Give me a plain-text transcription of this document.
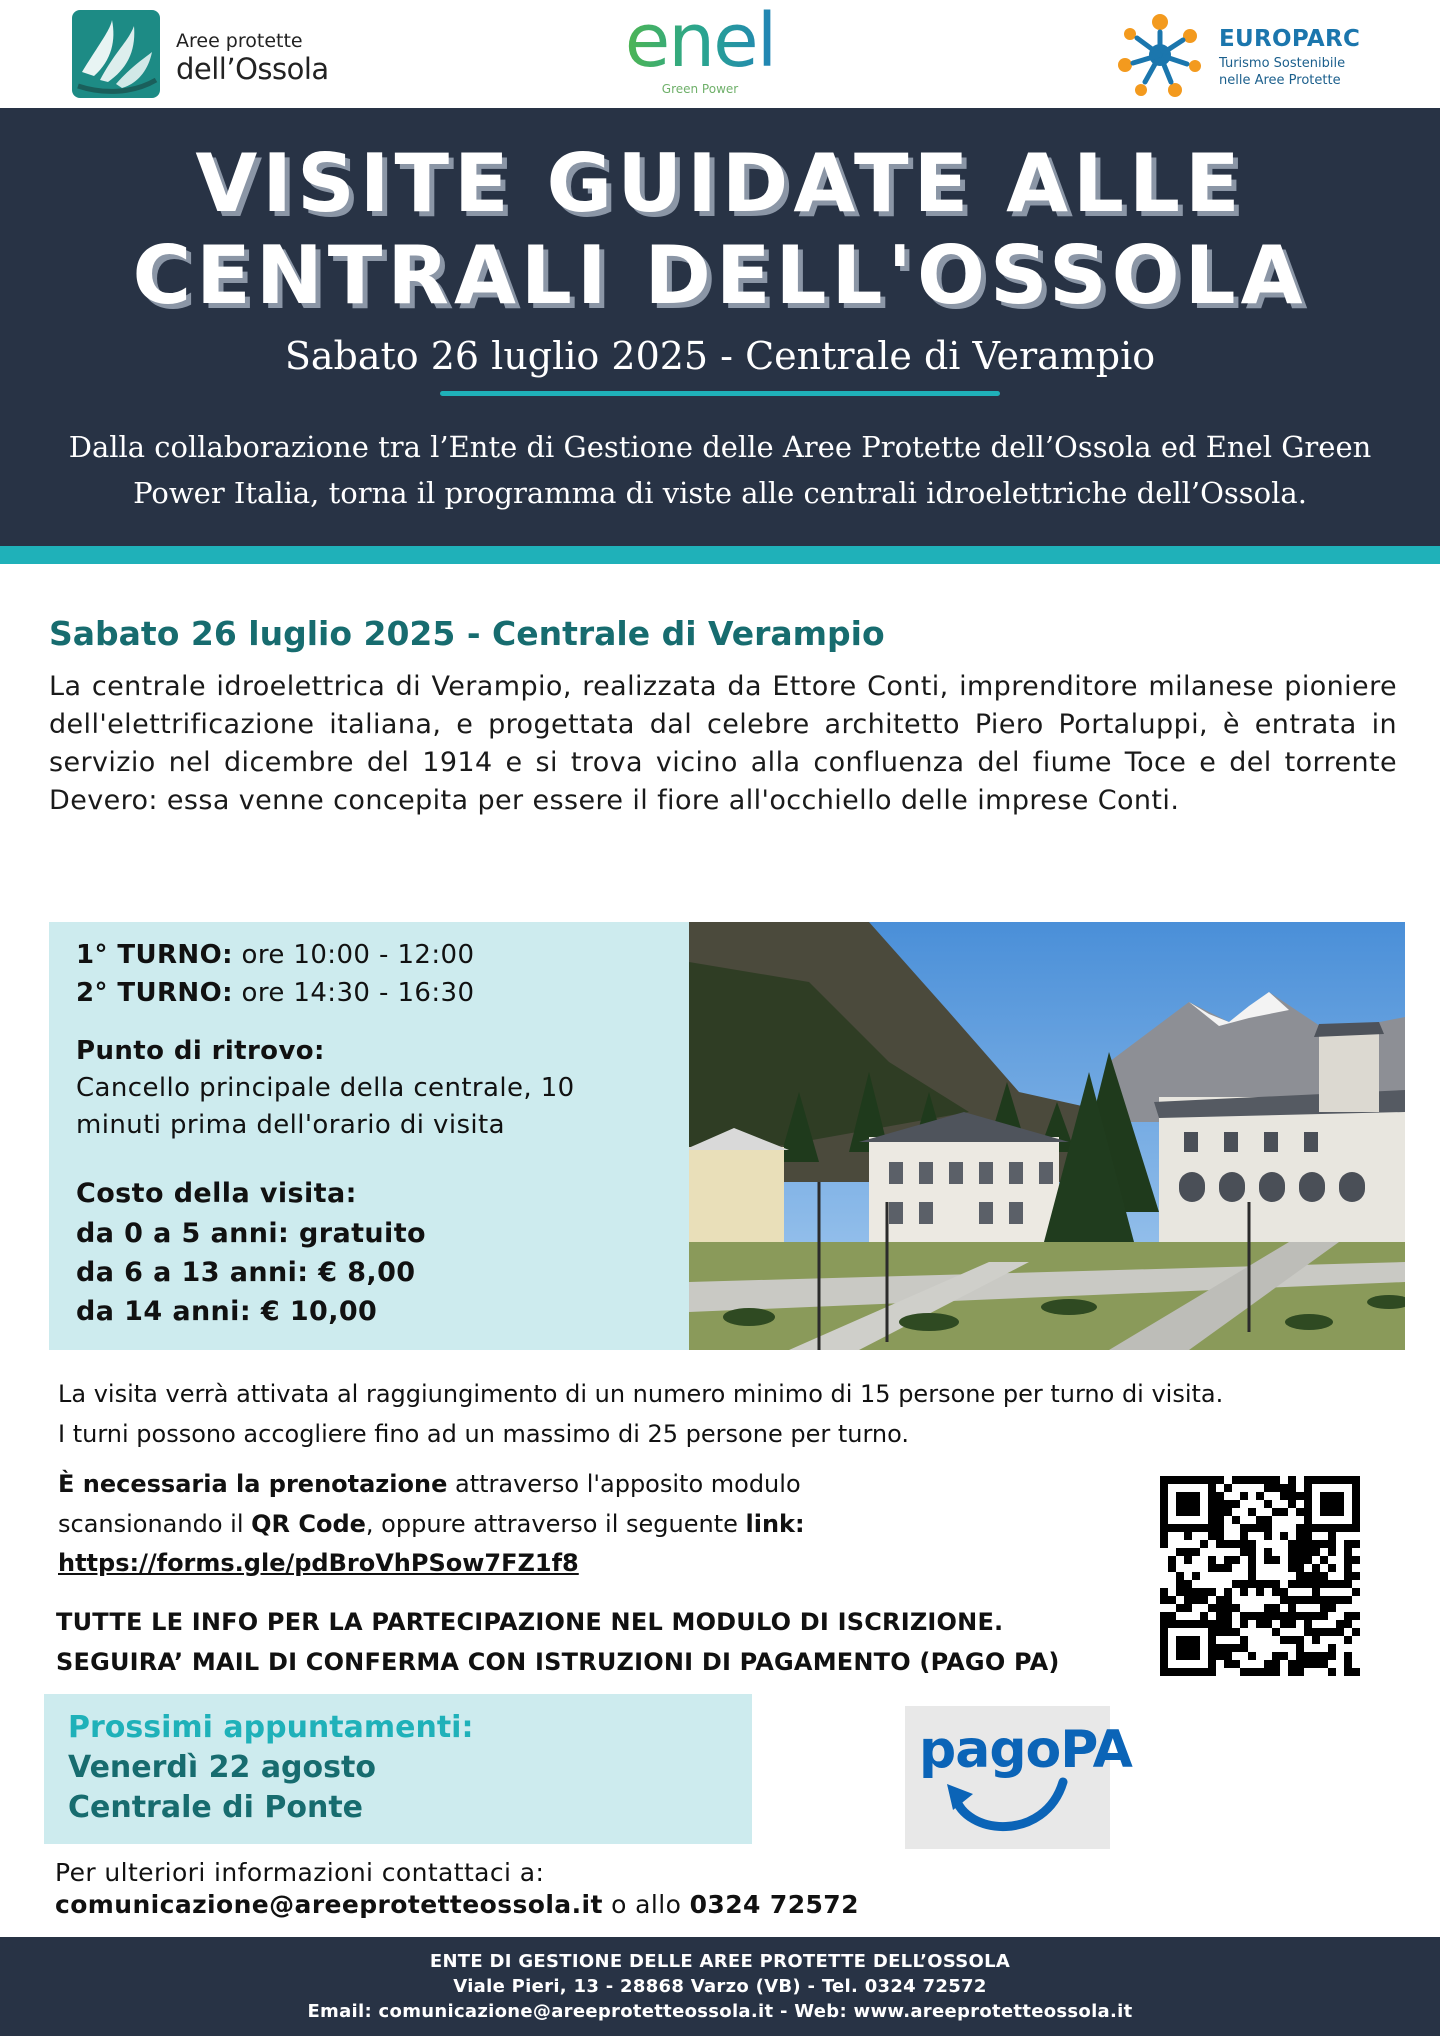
Aree protette
dell’Ossola	enel
Green Power
EUROPARC
Turismo Sostenibile
nelle Aree Protette
VISITE GUIDATE ALLE
CENTRALI DELL'OSSOLA
Sabato 26 luglio 2025 - Centrale di Verampio
Dalla collaborazione tra l’Ente di Gestione delle Aree Protette dell’Ossola ed Enel Green
Power Italia, torna il programma di viste alle centrali idroelettriche dell’Ossola.
Sabato 26 luglio 2025 - Centrale di Verampio
La centrale idroelettrica di Verampio, realizzata da Ettore Conti, imprenditore milanese pioniere dell'elettrificazione italiana, e progettata dal celebre architetto Piero Portaluppi, è entrata in servizio nel dicembre del 1914 e si trova vicino alla confluenza del fiume Toce e del torrente Devero: essa venne concepita per essere il fiore all'occhiello delle imprese Conti.
1° TURNO: ore 10:00 - 12:00
2° TURNO: ore 14:30 - 16:30
Punto di ritrovo:
Cancello principale della centrale, 10
minuti prima dell'orario di visita
Costo della visita:
da 0 a 5 anni: gratuito
da 6 a 13 anni: € 8,00
da 14 anni: € 10,00
La visita verrà attivata al raggiungimento di un numero minimo di 15 persone per turno di visita.
I turni possono accogliere fino ad un massimo di 25 persone per turno.
È necessaria la prenotazione attraverso l'apposito modulo
scansionando il QR Code, oppure attraverso il seguente link:
https://forms.gle/pdBroVhPSow7FZ1f8
TUTTE LE INFO PER LA PARTECIPAZIONE NEL MODULO DI ISCRIZIONE.
SEGUIRA’ MAIL DI CONFERMA CON ISTRUZIONI DI PAGAMENTO (PAGO PA)
Prossimi appuntamenti:
Venerdì 22 agosto
Centrale di Ponte
pagoPA
Per ulteriori informazioni contattaci a:
comunicazione@areeprotetteossola.it o allo 0324 72572
ENTE DI GESTIONE DELLE AREE PROTETTE DELL’OSSOLA
Viale Pieri, 13 - 28868 Varzo (VB) - Tel. 0324 72572
Email: comunicazione@areeprotetteossola.it - Web: www.areeprotetteossola.it
